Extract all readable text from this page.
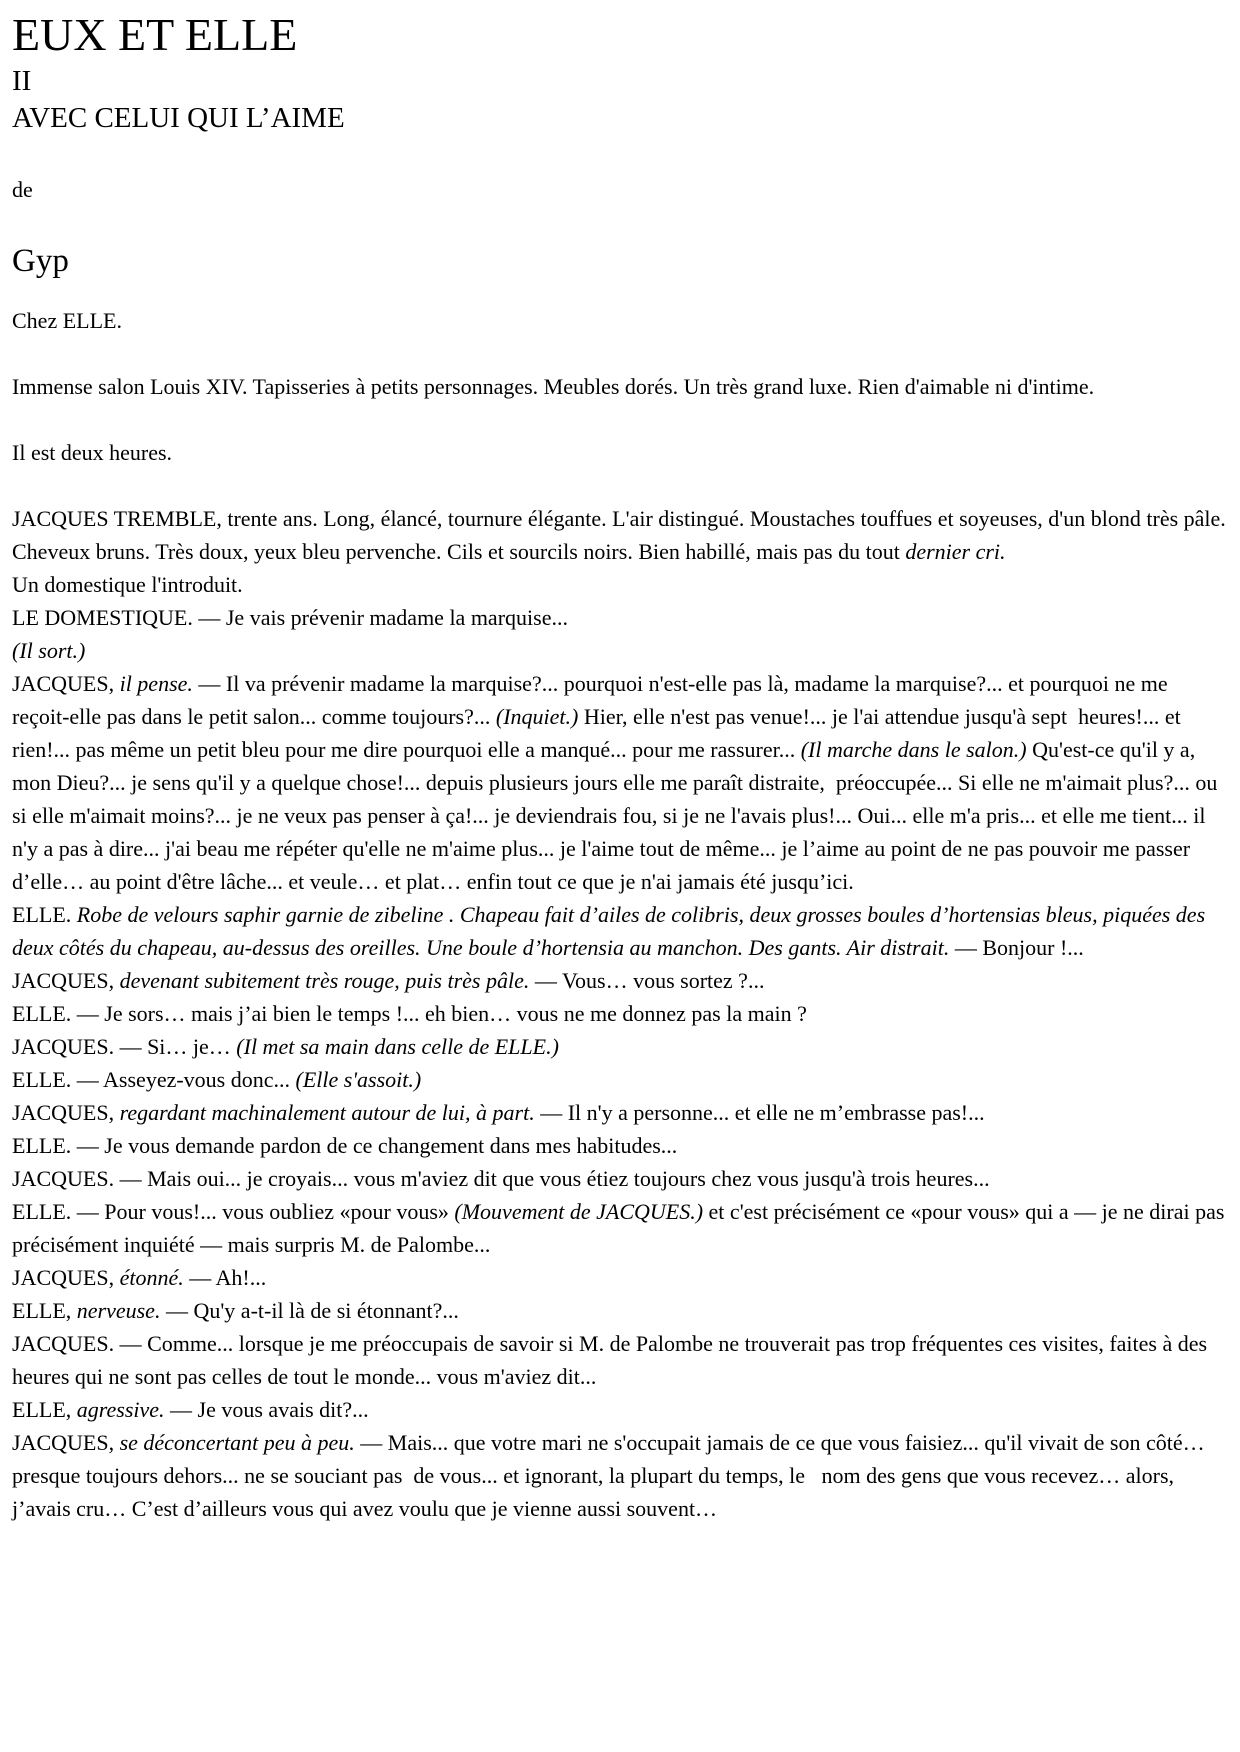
EUX ET ELLE
II
AVEC CELUI QUI L’AIME
de
Gyp

Chez ELLE.

Immense salon Louis XIV. Tapisseries à petits personnages. Meubles dorés. Un très grand luxe. Rien d'aimable ni d'intime.

Il est deux heures.

JACQUES TREMBLE, trente ans. Long, élancé, tournure élégante. L'air distingué. Moustaches touffues et soyeuses, d'un blond très pâle. Cheveux bruns. Très doux, yeux bleu pervenche. Cils et sourcils noirs. Bien habillé, mais pas du tout dernier cri.

Un domestique l'introduit.

LE DOMESTIQUE. — Je vais prévenir madame la marquise...

(Il sort.)

JACQUES, il pense. — Il va prévenir madame la marquise?... pourquoi n'est-elle pas là, madame la marquise?... et pourquoi ne me reçoit-elle pas dans le petit salon... comme toujours?... (Inquiet.) Hier, elle n'est pas venue!... je l'ai attendue jusqu'à sept  heures!... et rien!... pas même un petit bleu pour me dire pourquoi elle a manqué... pour me rassurer... (Il marche dans le salon.) Qu'est-ce qu'il y a, mon Dieu?... je sens qu'il y a quelque chose!... depuis plusieurs jours elle me paraît distraite,  préoccupée... Si elle ne m'aimait plus?... ou si elle m'aimait moins?... je ne veux pas penser à ça!... je deviendrais fou, si je ne l'avais plus!... Oui... elle m'a pris... et elle me tient... il n'y a pas à dire... j'ai beau me répéter qu'elle ne m'aime plus... je l'aime tout de même... je l’aime au point de ne pas pouvoir me passer d’elle… au point d'être lâche... et veule… et plat… enfin tout ce que je n'ai jamais été jusqu’ici.

ELLE. Robe de velours saphir garnie de zibeline . Chapeau fait d’ailes de colibris, deux grosses boules d’hortensias bleus, piquées des deux côtés du chapeau, au-dessus des oreilles. Une boule d’hortensia au manchon. Des gants. Air distrait. — Bonjour !...

JACQUES, devenant subitement très rouge, puis très pâle. — Vous… vous sortez ?...

ELLE. — Je sors… mais j’ai bien le temps !... eh bien… vous ne me donnez pas la main ?

JACQUES. — Si… je… (Il met sa main dans celle de ELLE.)

ELLE. — Asseyez-vous donc... (Elle s'assoit.)

JACQUES, regardant machinalement autour de lui, à part. — Il n'y a personne... et elle ne m’embrasse pas!...

ELLE. — Je vous demande pardon de ce changement dans mes habitudes...

JACQUES. — Mais oui... je croyais... vous m'aviez dit que vous étiez toujours chez vous jusqu'à trois heures...

ELLE. — Pour vous!... vous oubliez «pour vous» (Mouvement de JACQUES.) et c'est précisément ce «pour vous» qui a — je ne dirai pas précisément inquiété — mais surpris M. de Palombe...

JACQUES, étonné. — Ah!...

ELLE, nerveuse. — Qu'y a-t-il là de si étonnant?...

JACQUES. — Comme... lorsque je me préoccupais de savoir si M. de Palombe ne trouverait pas trop fréquentes ces visites, faites à des heures qui ne sont pas celles de tout le monde... vous m'aviez dit...

ELLE, agressive. — Je vous avais dit?...

JACQUES, se déconcertant peu à peu. — Mais... que votre mari ne s'occupait jamais de ce que vous faisiez... qu'il vivait de son côté… presque toujours dehors... ne se souciant pas  de vous... et ignorant, la plupart du temps, le   nom des gens que vous recevez… alors, j’avais cru… C’est d’ailleurs vous qui avez voulu que je vienne aussi souvent…
